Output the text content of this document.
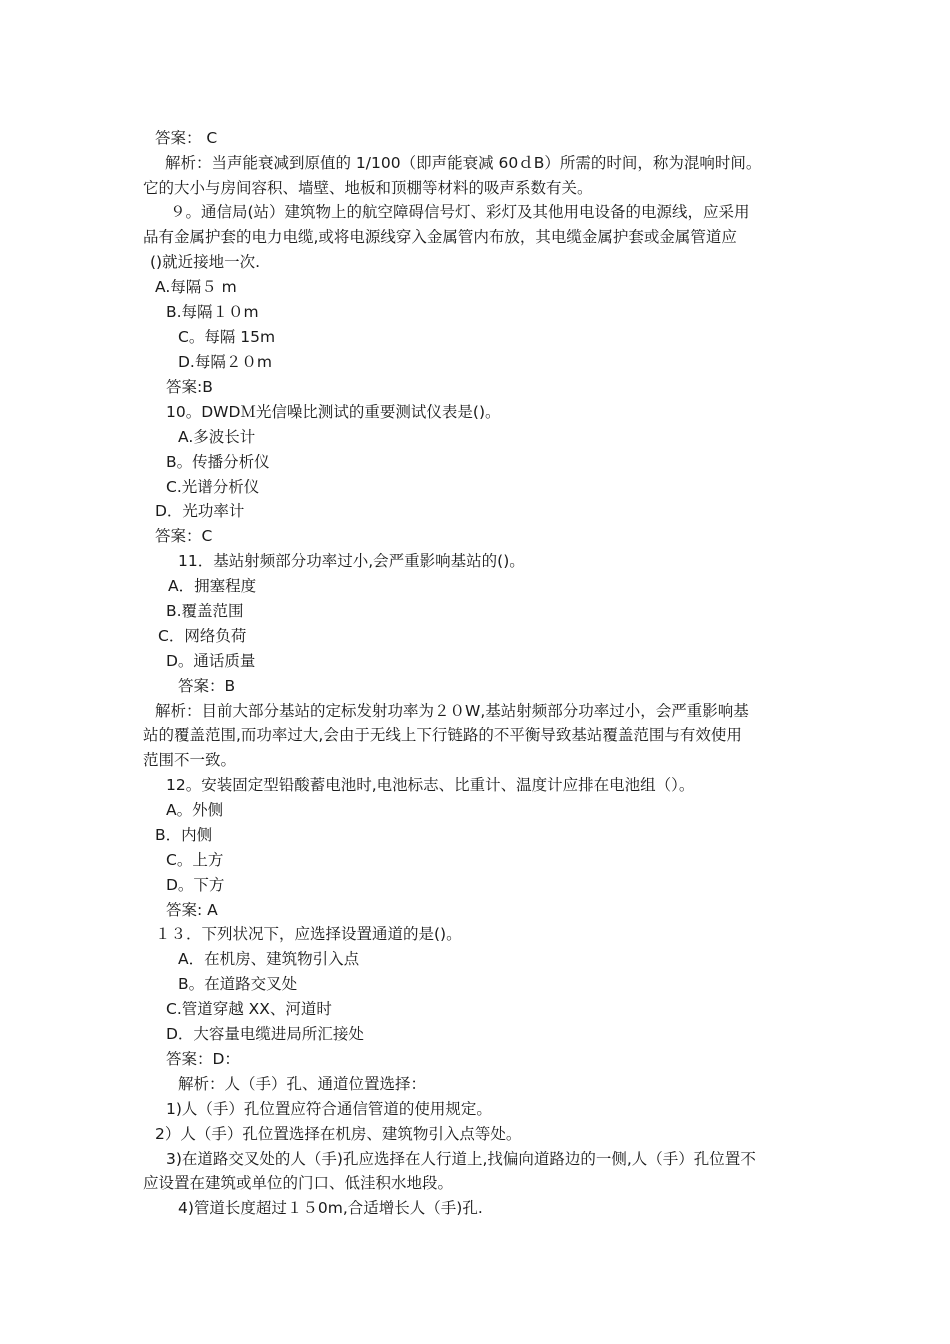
答案： C
解析：当声能衰减到原值的 1/100（即声能衰减 60ｄB）所需的时间，称为混响时间。
它的大小与房间容积、墙壁、地板和顶棚等材料的吸声系数有关。
９。通信局(站）建筑物上的航空障碍信号灯、彩灯及其他用电设备的电源线，应采用
品有金属护套的电力电缆,或将电源线穿入金属管内布放，其电缆金属护套或金属管道应
()就近接地一次.
A.每隔５ m
B.每隔１０m
C。每隔 15m
D.每隔２０m
答案:B
10。DWDＭ光信噪比测试的重要测试仪表是()。
A.多波长计
B。传播分析仪
C.光谱分析仪
D．光功率计
答案：C
11．基站射频部分功率过小,会严重影响基站的()。
A．拥塞程度
B.覆盖范围
C．网络负荷
D。通话质量
答案：B
解析：目前大部分基站的定标发射功率为２０W,基站射频部分功率过小，会严重影响基
站的覆盖范围,而功率过大,会由于无线上下行链路的不平衡导致基站覆盖范围与有效使用
范围不一致。
12。安装固定型铅酸蓄电池时,电池标志、比重计、温度计应排在电池组（）。
A。外侧
B．内侧
C。上方
D。下方
答案: A
１３．下列状况下，应选择设置通道的是()。
A．在机房、建筑物引入点
B。在道路交叉处
C.管道穿越 XX、河道时
D．大容量电缆进局所汇接处
答案：D：
解析：人（手）孔、通道位置选择：
1)人（手）孔位置应符合通信管道的使用规定。
2）人（手）孔位置选择在机房、建筑物引入点等处。
3)在道路交叉处的人（手)孔应选择在人行道上,找偏向道路边的一侧,人（手）孔位置不
应设置在建筑或单位的门口、低洼积水地段。
4)管道长度超过１５0m,合适增长人（手)孔.
